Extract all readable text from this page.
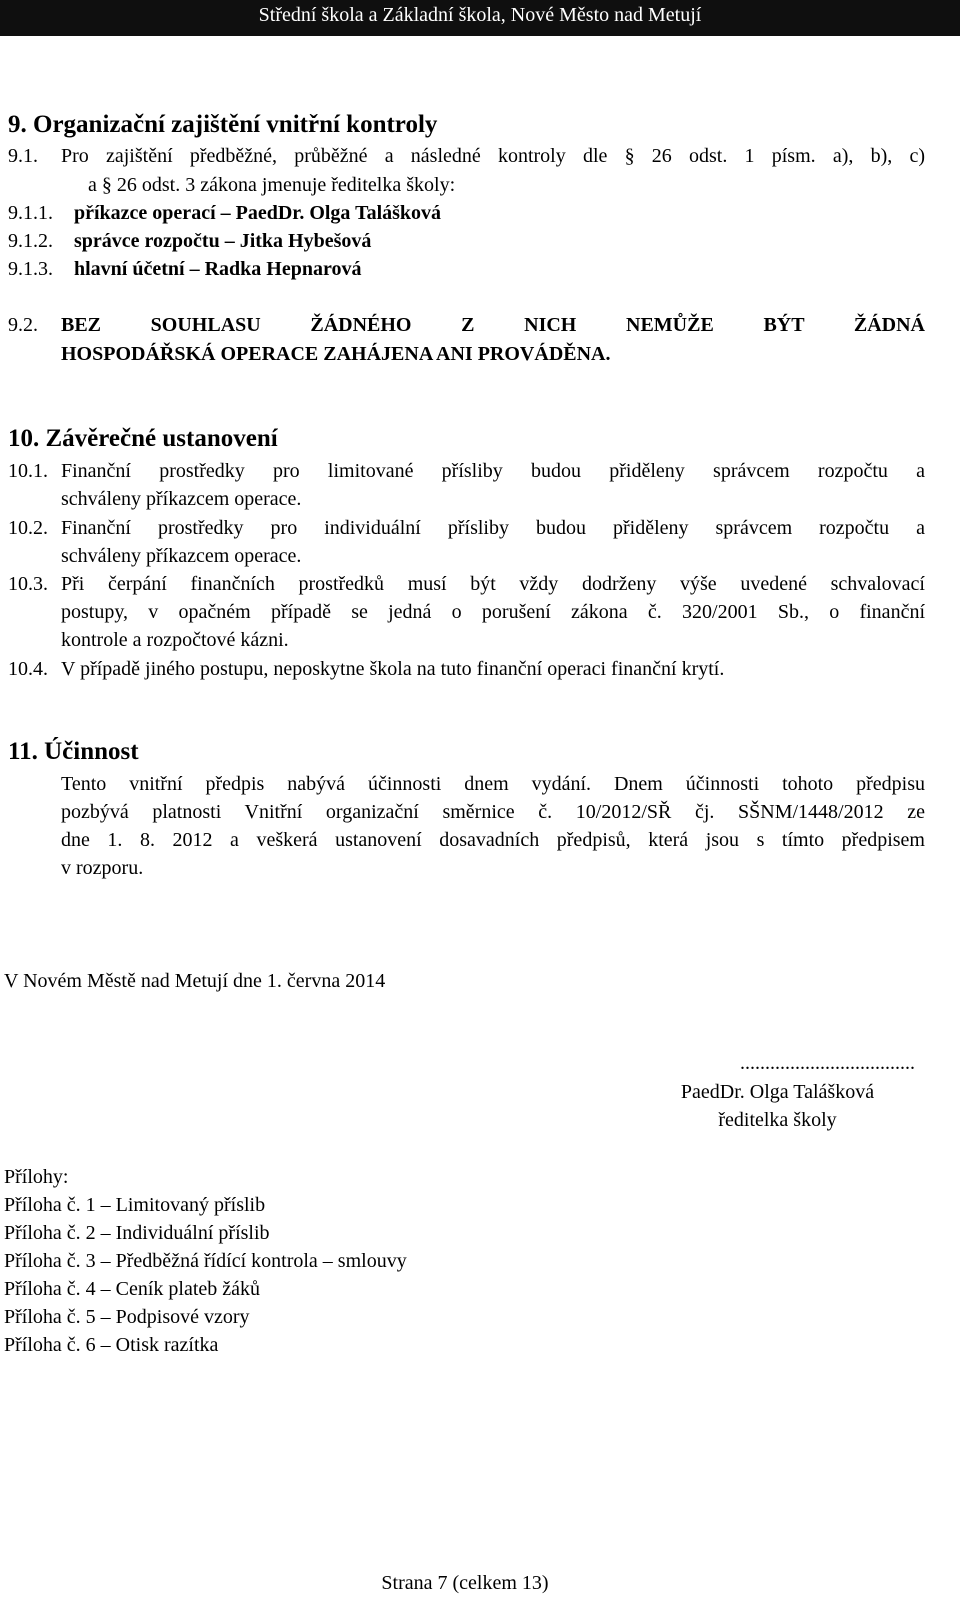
Střední škola a Základní škola, Nové Město nad Metují
9. Organizační zajištění vnitřní kontroly
9.1. Pro zajištění předběžné, průběžné a následné kontroly dle § 26 odst. 1 písm. a), b), c)
a § 26 odst. 3 zákona jmenuje ředitelka školy:
9.1.1. příkazce operací – PaedDr. Olga Talášková
9.1.2. správce rozpočtu – Jitka Hybešová
9.1.3. hlavní účetní – Radka Hepnarová
9.2. BEZ SOUHLASU ŽÁDNÉHO Z NICH NEMŮŽE BÝT ŽÁDNÁ
HOSPODÁŘSKÁ OPERACE ZAHÁJENA ANI PROVÁDĚNA.
10. Závěrečné ustanovení
10.1. Finanční prostředky pro limitované přísliby budou přiděleny správcem rozpočtu a
schváleny příkazcem operace.
10.2. Finanční prostředky pro individuální přísliby budou přiděleny správcem rozpočtu a
schváleny příkazcem operace.
10.3. Při čerpání finančních prostředků musí být vždy dodrženy výše uvedené schvalovací
postupy, v opačném případě se jedná o porušení zákona č. 320/2001 Sb., o finanční
kontrole a rozpočtové kázni.
10.4. V případě jiného postupu, neposkytne škola na tuto finanční operaci finanční krytí.
11. Účinnost
Tento vnitřní předpis nabývá účinnosti dnem vydání. Dnem účinnosti tohoto předpisu
pozbývá platnosti Vnitřní organizační směrnice č. 10/2012/SŘ čj. SŠNM/1448/2012 ze
dne 1. 8. 2012 a veškerá ustanovení dosavadních předpisů, která jsou s tímto předpisem
v rozporu.
V Novém Městě nad Metují dne 1. června 2014
...................................
PaedDr. Olga Talášková
ředitelka školy
Přílohy:
Příloha č. 1 – Limitovaný příslib
Příloha č. 2 – Individuální příslib
Příloha č. 3 – Předběžná řídící kontrola – smlouvy
Příloha č. 4 – Ceník plateb žáků
Příloha č. 5 – Podpisové vzory
Příloha č. 6 – Otisk razítka
Strana 7 (celkem 13)
